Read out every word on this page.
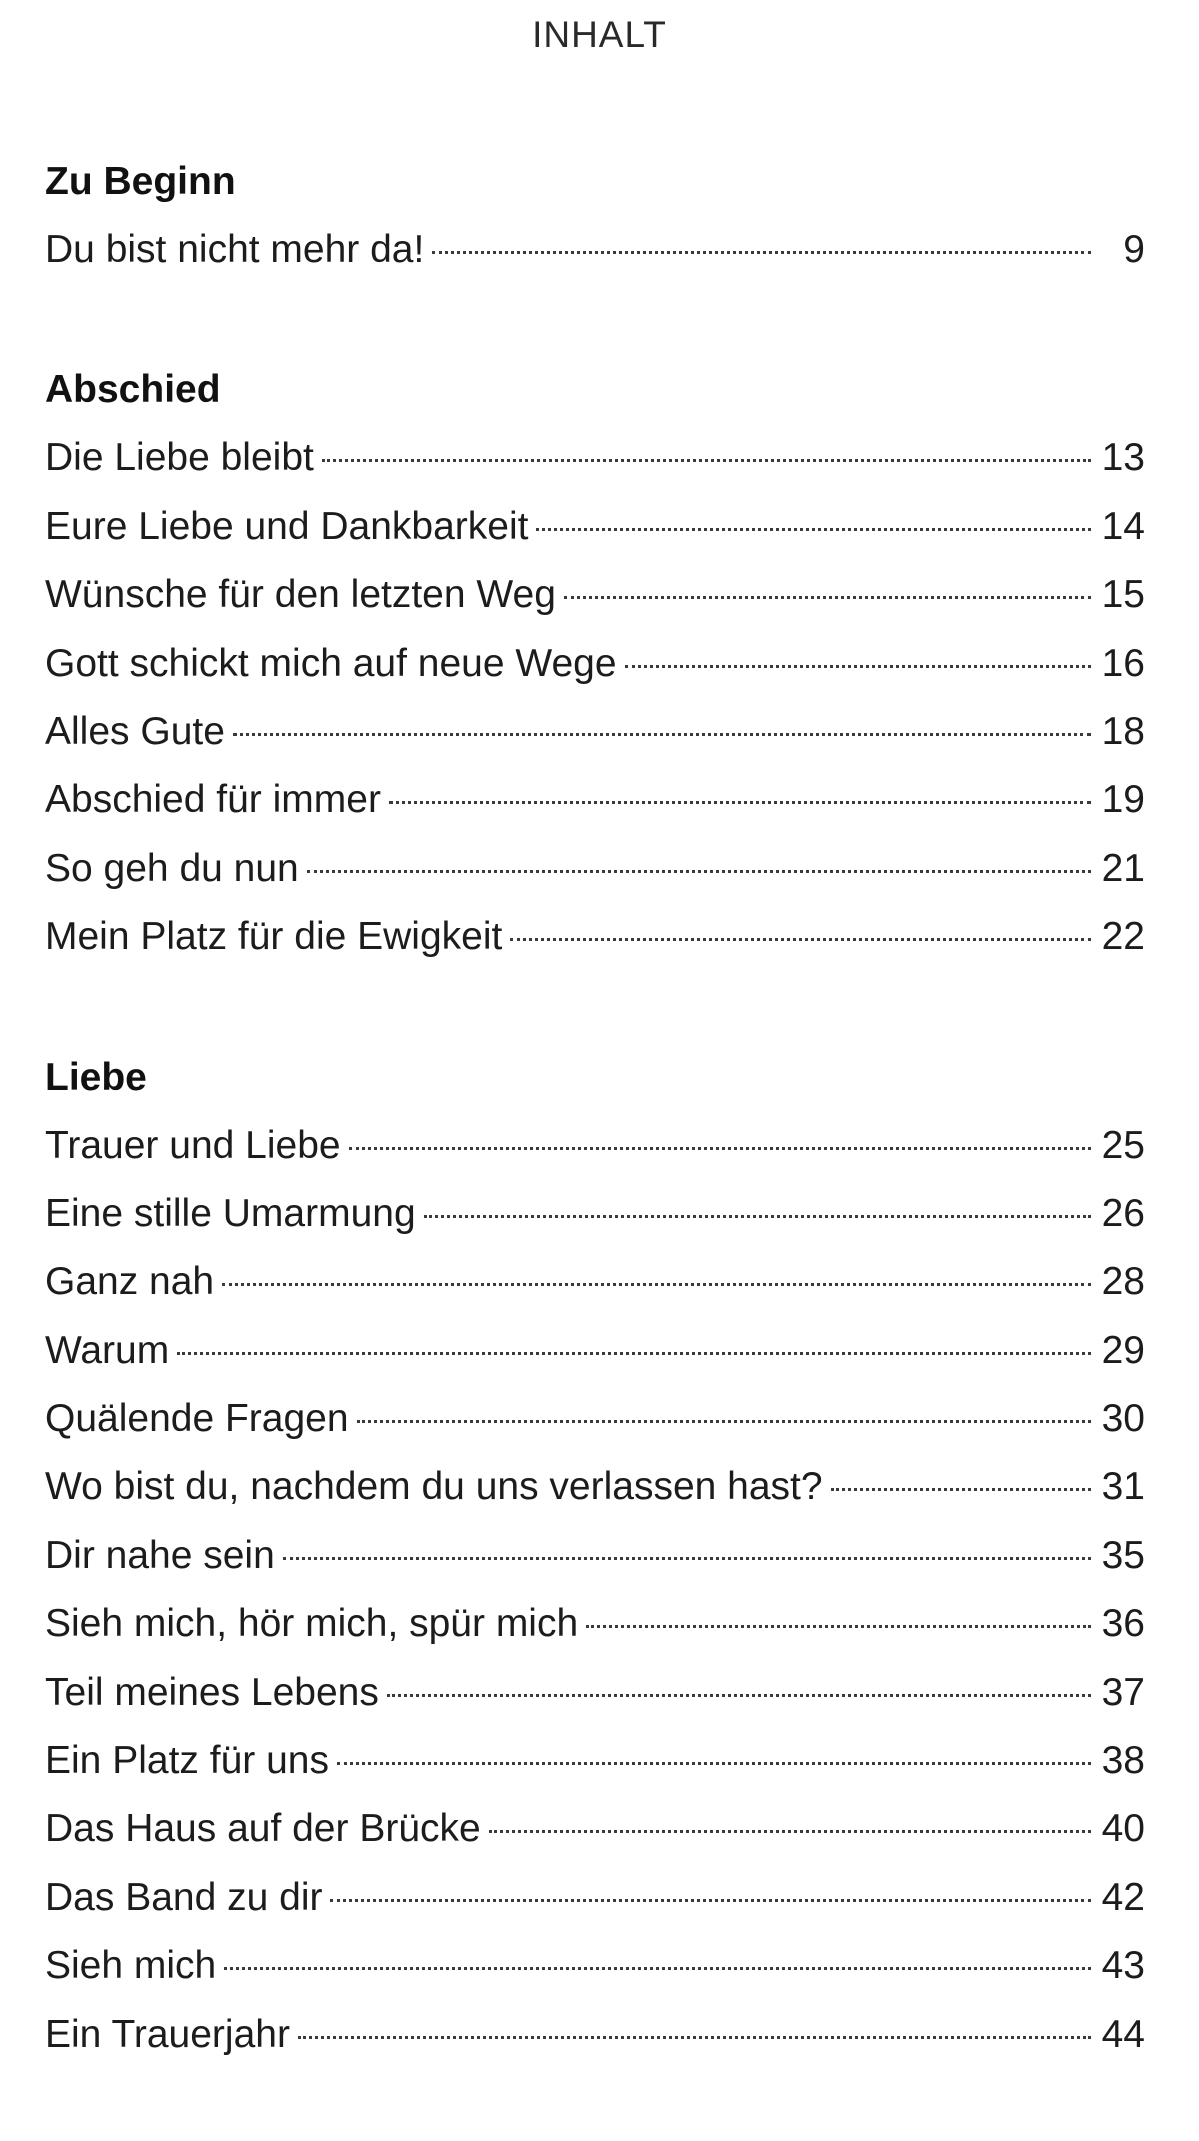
INHALT
Zu Beginn
Du bist nicht mehr da!	9
Abschied
Die Liebe bleibt	13
Eure Liebe und Dankbarkeit	14
Wünsche für den letzten Weg	15
Gott schickt mich auf neue Wege	16
Alles Gute	18
Abschied für immer	19
So geh du nun	21
Mein Platz für die Ewigkeit	22
Liebe
Trauer und Liebe	25
Eine stille Umarmung	26
Ganz nah	28
Warum	29
Quälende Fragen	30
Wo bist du, nachdem du uns verlassen hast?	31
Dir nahe sein	35
Sieh mich, hör mich, spür mich	36
Teil meines Lebens	37
Ein Platz für uns	38
Das Haus auf der Brücke	40
Das Band zu dir	42
Sieh mich	43
Ein Trauerjahr	44
